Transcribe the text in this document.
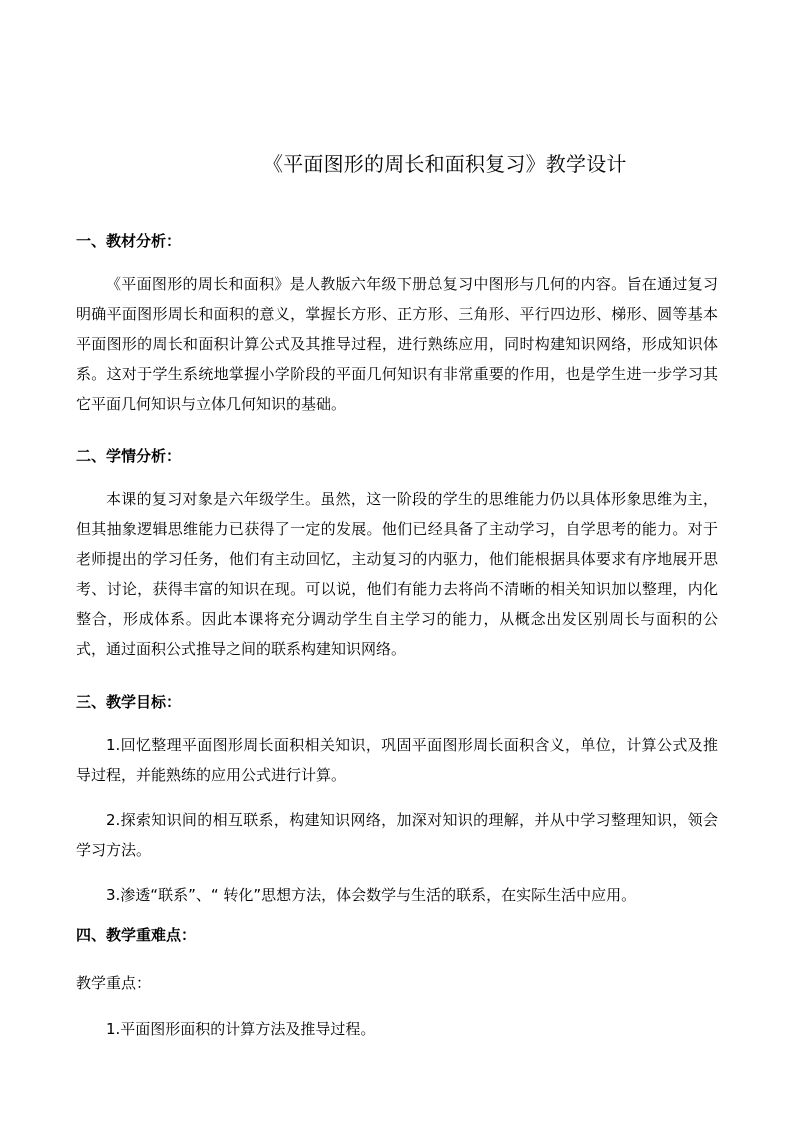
《平面图形的周长和面积复习》教学设计
一、教材分析：

《平面图形的周长和面积》是人教版六年级下册总复习中图形与几何的内容。旨在通过复习明确平面图形周长和面积的意义，掌握长方形、正方形、三角形、平行四边形、梯形、圆等基本平面图形的周长和面积计算公式及其推导过程，进行熟练应用，同时构建知识网络，形成知识体系。这对于学生系统地掌握小学阶段的平面几何知识有非常重要的作用，也是学生进一步学习其它平面几何知识与立体几何知识的基础。

二、学情分析：

本课的复习对象是六年级学生。虽然，这一阶段的学生的思维能力仍以具体形象思维为主，但其抽象逻辑思维能力已获得了一定的发展。他们已经具备了主动学习，自学思考的能力。对于老师提出的学习任务，他们有主动回忆，主动复习的内驱力，他们能根据具体要求有序地展开思考、讨论，获得丰富的知识在现。可以说，他们有能力去将尚不清晰的相关知识加以整理，内化整合，形成体系。因此本课将充分调动学生自主学习的能力，从概念出发区别周长与面积的公式，通过面积公式推导之间的联系构建知识网络。

三、教学目标：

1.回忆整理平面图形周长面积相关知识，巩固平面图形周长面积含义，单位，计算公式及推导过程，并能熟练的应用公式进行计算。

2.探索知识间的相互联系，构建知识网络，加深对知识的理解，并从中学习整理知识，领会学习方法。

3.渗透“联系”、“ 转化”思想方法，体会数学与生活的联系，在实际生活中应用。

四、教学重难点：
教学重点：
1.平面图形面积的计算方法及推导过程。
